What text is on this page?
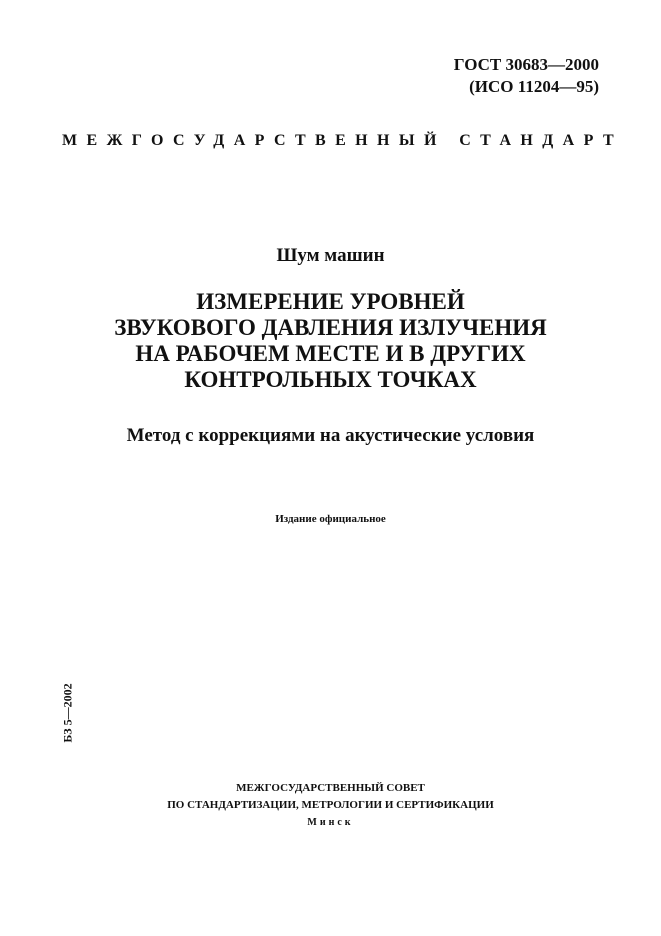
ГОСТ 30683—2000
(ИСО 11204—95)
МЕЖГОСУДАРСТВЕННЫЙ СТАНДАРТ
Шум машин
ИЗМЕРЕНИЕ УРОВНЕЙ
ЗВУКОВОГО ДАВЛЕНИЯ ИЗЛУЧЕНИЯ
НА РАБОЧЕМ МЕСТЕ И В ДРУГИХ
КОНТРОЛЬНЫХ ТОЧКАХ
Метод с коррекциями на акустические условия
Издание официальное
БЗ 5—2002
МЕЖГОСУДАРСТВЕННЫЙ СОВЕТ
ПО СТАНДАРТИЗАЦИИ, МЕТРОЛОГИИ И СЕРТИФИКАЦИИ
Минск
